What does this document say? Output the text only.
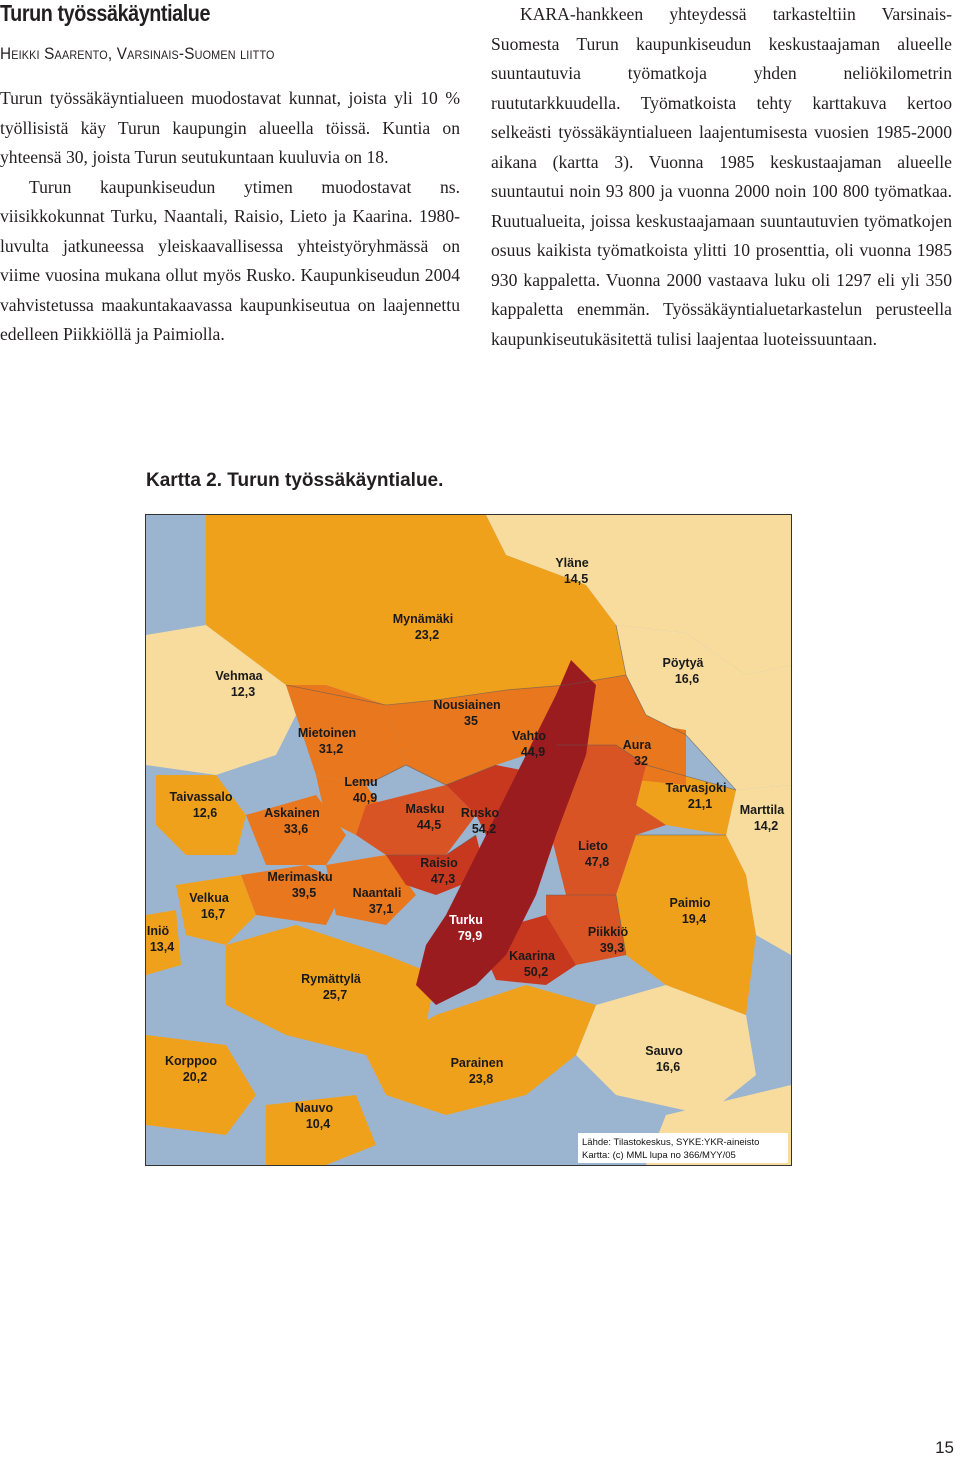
Turun työssäkäyntialue
Heikki Saarento, Varsinais-Suomen liitto

Turun työssäkäyntialueen muodostavat kunnat, joista yli 10 % työllisistä käy Turun kaupungin alueella töissä. Kuntia on yhteensä 30, joista Turun seutukuntaan kuuluvia on 18.

Turun kaupunkiseudun ytimen muodostavat ns. viisikkokunnat Turku, Naantali, Raisio, Lieto ja Kaarina. 1980-luvulta jatkuneessa yleiskaavallisessa yhteistyöryhmässä on viime vuosina mukana ollut myös Rusko. Kaupunkiseudun 2004 vahvistetussa maakuntakaavassa kaupunkiseutua on laajennettu edelleen Piikkiöllä ja Paimiolla.

KARA-hankkeen yhteydessä tarkasteltiin Varsinais-Suomesta Turun kaupunkiseudun keskustaajaman alueelle suuntautuvia työmatkoja yhden neliökilometrin ruututarkkuudella. Työmatkoista tehty karttakuva kertoo selkeästi työssäkäyntialueen laajentumisesta vuosien 1985-2000 aikana (kartta 3). Vuonna 1985 keskustaajaman alueelle suuntautui noin 93 800 ja vuonna 2000 noin 100 800 työmatkaa. Ruutualueita, joissa keskustaajamaan suuntautuvien työmatkojen osuus kaikista työmatkoista ylitti 10 prosenttia, oli vuonna 1985 930 kappaletta. Vuonna 2000 vastaava luku oli 1297 eli yli 350 kappaletta enemmän. Työssäkäyntialuetarkastelun perusteella kaupunkiseutukäsitettä tulisi laajentaa luoteissuuntaan.

Kartta 2. Turun työssäkäyntialue.
Yläne
14,5
Mynämäki
23,2
Pöytyä
16,6
Vehmaa
12,3
Nousiainen
35
Mietoinen
31,2
Vahto
44,9	Aura
32
Lemu
40,9
Tarvasjoki
21,1
Taivassalo
12,6	Marttila
14,2
Askainen
33,6
Masku
44,5
Rusko
54,2
Lieto
47,8
Raisio
47,3
Merimasku
39,5	Naantali
37,1
Velkua
16,7
Paimio
19,4
Turku
79,9
Iniö
13,4
Piikkiö
39,3
Kaarina
50,2
Rymättylä
25,7
Sauvo
16,6
Korppoo
20,2
Parainen
23,8
Nauvo
10,4
Lähde: Tilastokeskus, SYKE:YKR-aineisto
Kartta: (c) MML lupa no 366/MYY/05
15
